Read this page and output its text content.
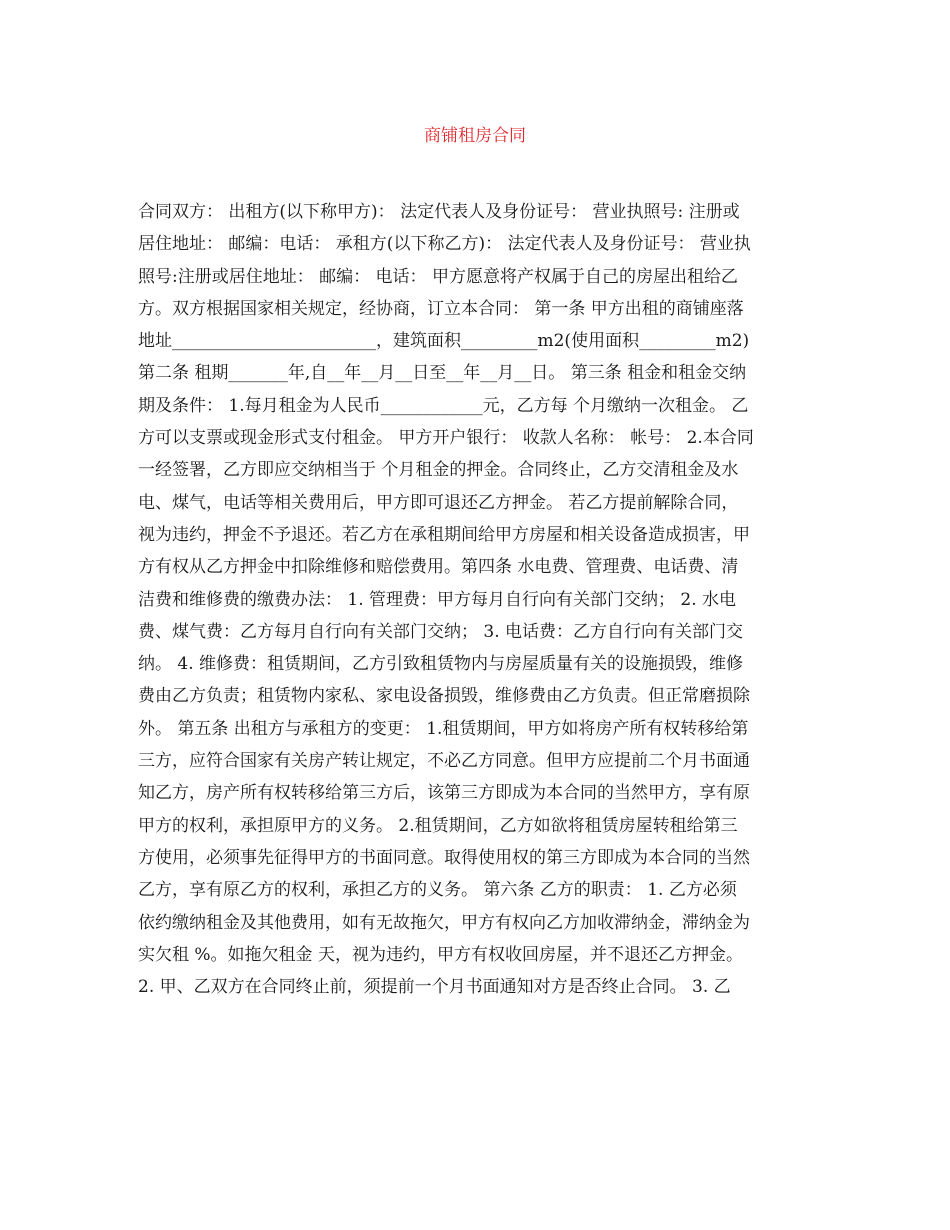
商铺租房合同
合同双方： 出租方(以下称甲方)： 法定代表人及身份证号： 营业执照号: 注册或
居住地址： 邮编：电话： 承租方(以下称乙方)： 法定代表人及身份证号： 营业执
照号:注册或居住地址： 邮编： 电话： 甲方愿意将产权属于自己的房屋出租给乙
方。双方根据国家相关规定，经协商，订立本合同： 第一条 甲方出租的商铺座落
地址________________________，建筑面积_________m2(使用面积_________m2)
第二条 租期_______年,自__年__月__日至__年__月__日。 第三条 租金和租金交纳
期及条件： 1.每月租金为人民币____________元，乙方每 个月缴纳一次租金。 乙
方可以支票或现金形式支付租金。 甲方开户银行： 收款人名称： 帐号： 2.本合同
一经签署，乙方即应交纳相当于 个月租金的押金。合同终止，乙方交清租金及水
电、煤气，电话等相关费用后，甲方即可退还乙方押金。 若乙方提前解除合同，
视为违约，押金不予退还。若乙方在承租期间给甲方房屋和相关设备造成损害，甲
方有权从乙方押金中扣除维修和赔偿费用。第四条 水电费、管理费、电话费、清
洁费和维修费的缴费办法： 1. 管理费：甲方每月自行向有关部门交纳； 2. 水电
费、煤气费：乙方每月自行向有关部门交纳； 3. 电话费：乙方自行向有关部门交
纳。 4. 维修费：租赁期间，乙方引致租赁物内与房屋质量有关的设施损毁，维修
费由乙方负责；租赁物内家私、家电设备损毁，维修费由乙方负责。但正常磨损除
外。 第五条 出租方与承租方的变更： 1.租赁期间，甲方如将房产所有权转移给第
三方，应符合国家有关房产转让规定，不必乙方同意。但甲方应提前二个月书面通
知乙方，房产所有权转移给第三方后，该第三方即成为本合同的当然甲方，享有原
甲方的权利，承担原甲方的义务。 2.租赁期间，乙方如欲将租赁房屋转租给第三
方使用，必须事先征得甲方的书面同意。取得使用权的第三方即成为本合同的当然
乙方，享有原乙方的权利，承担乙方的义务。 第六条 乙方的职责： 1. 乙方必须
依约缴纳租金及其他费用，如有无故拖欠，甲方有权向乙方加收滞纳金，滞纳金为
实欠租 %。如拖欠租金 天，视为违约，甲方有权收回房屋，并不退还乙方押金。
2. 甲、乙双方在合同终止前，须提前一个月书面通知对方是否终止合同。 3. 乙
